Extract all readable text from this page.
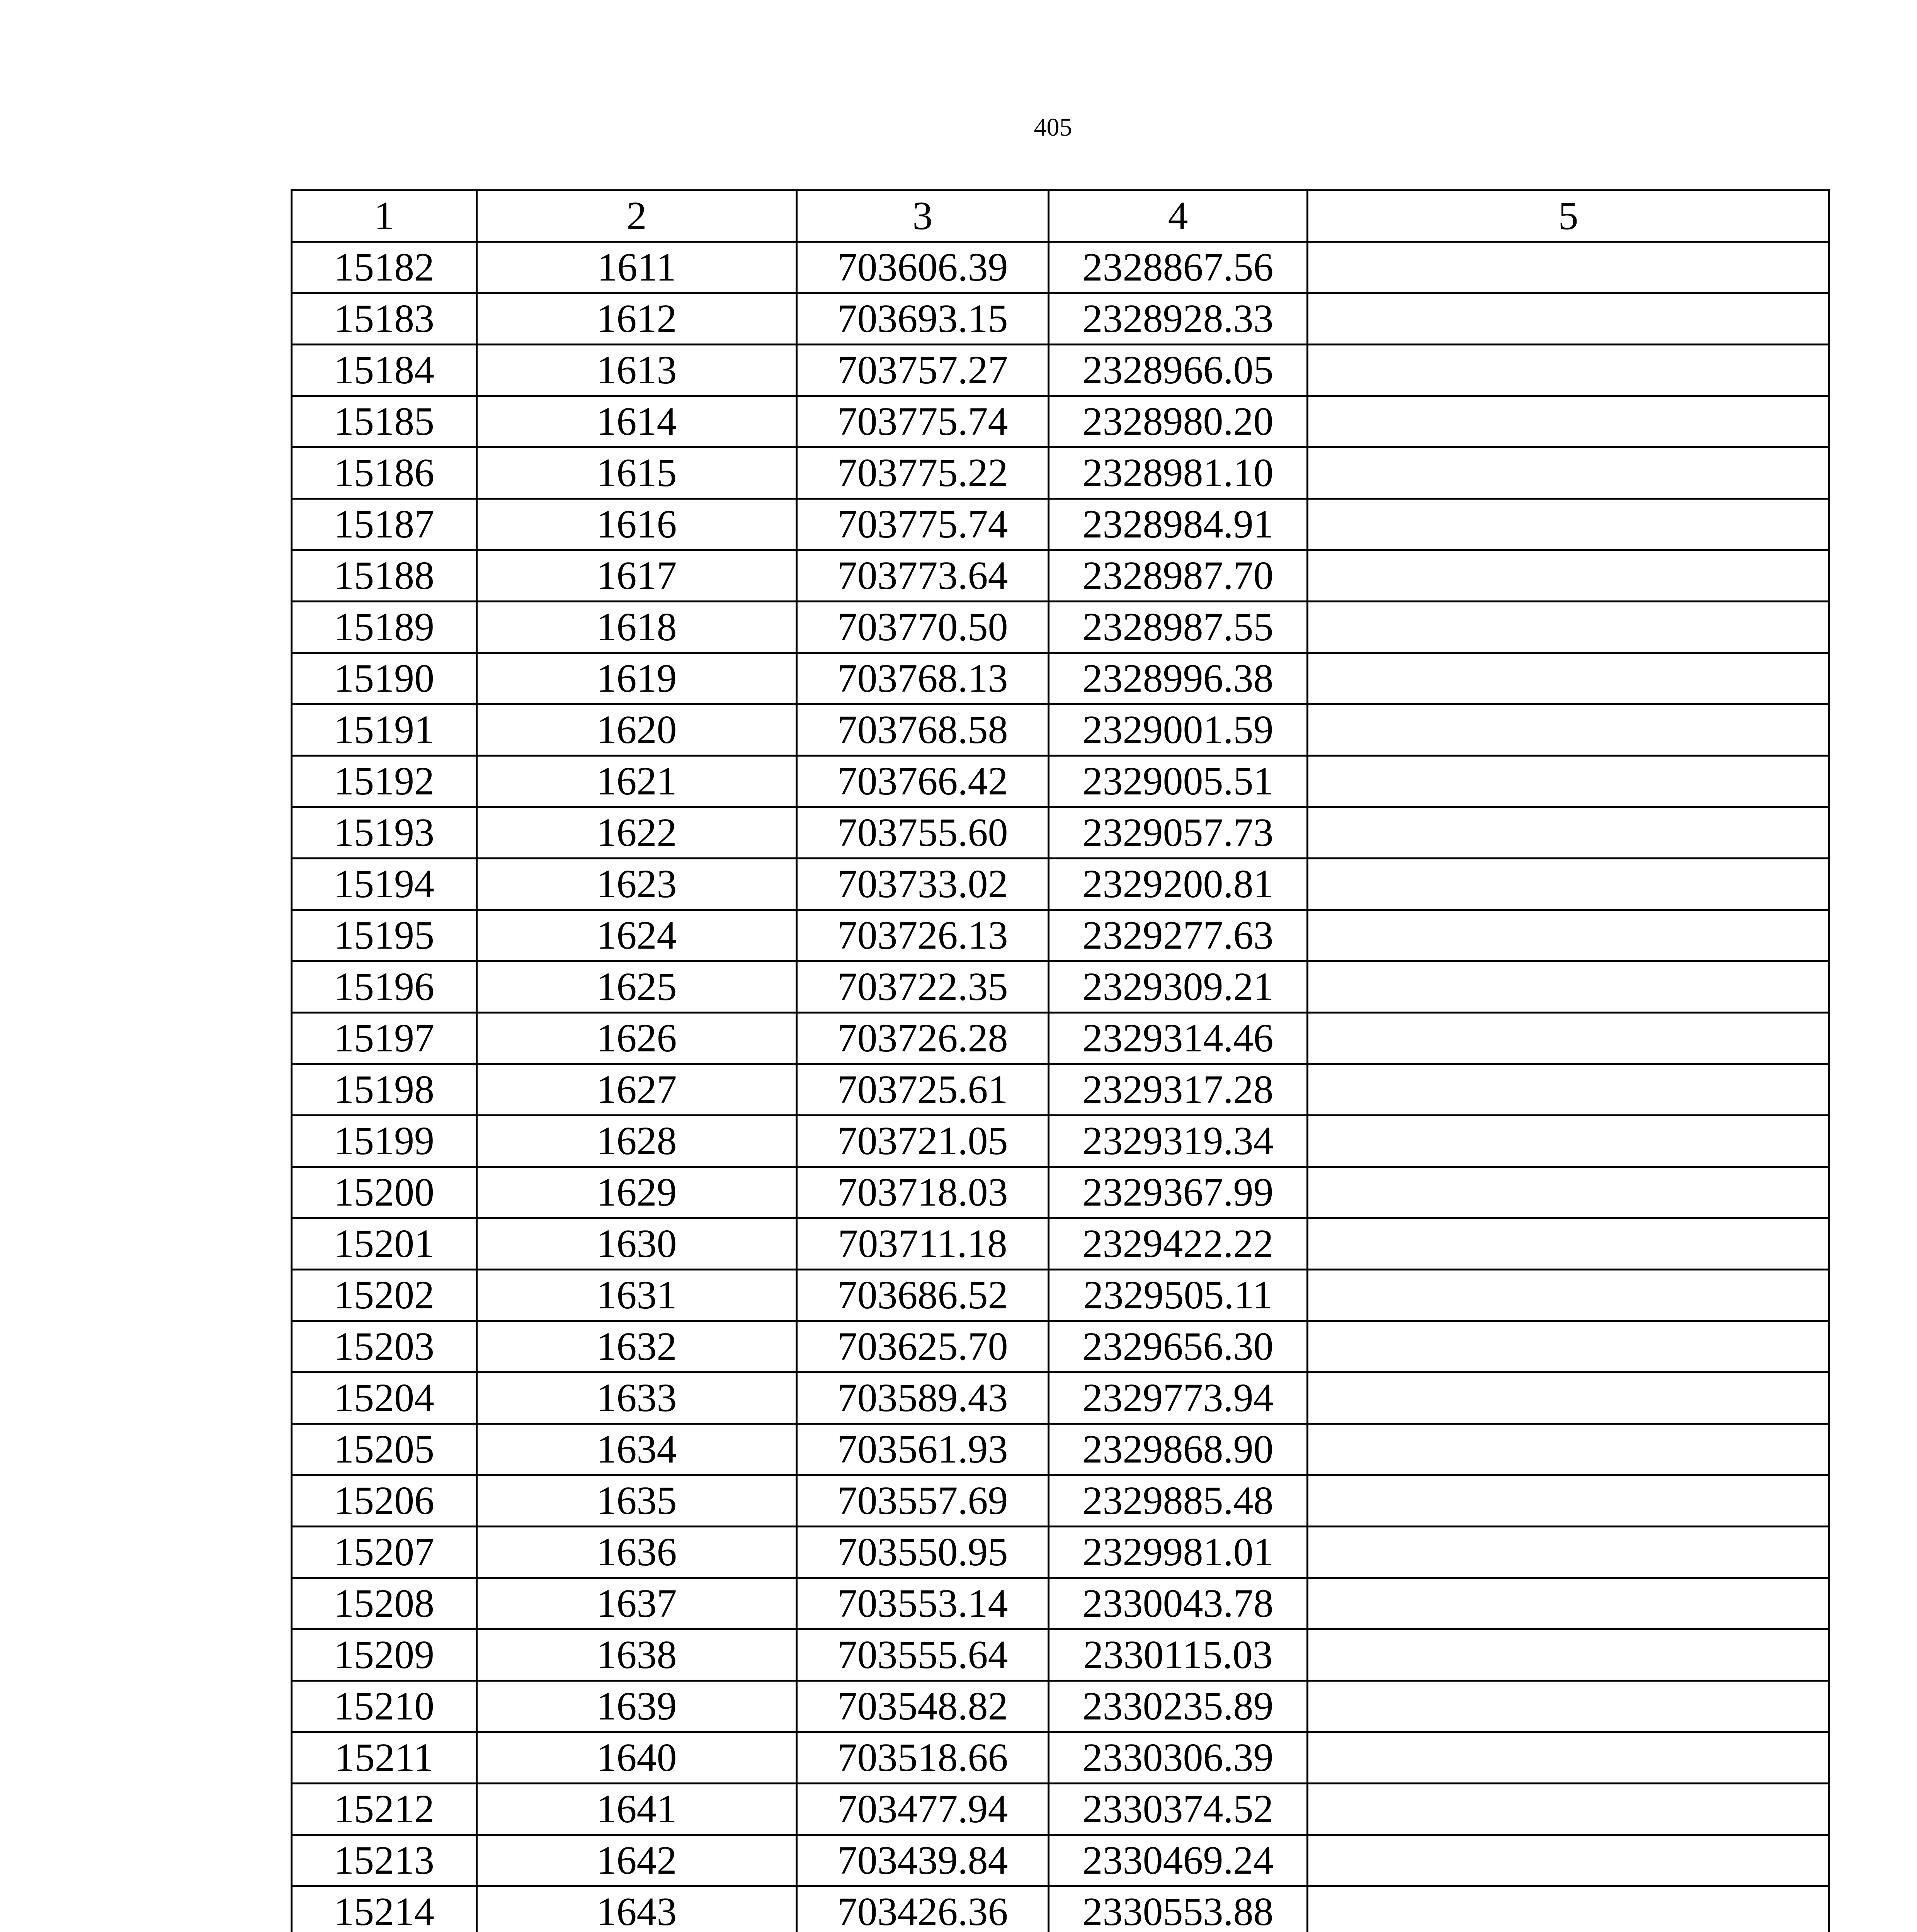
405
1	2	3	4	5
15182	1611	703606.39	2328867.56	
15183	1612	703693.15	2328928.33	
15184	1613	703757.27	2328966.05	
15185	1614	703775.74	2328980.20	
15186	1615	703775.22	2328981.10	
15187	1616	703775.74	2328984.91	
15188	1617	703773.64	2328987.70	
15189	1618	703770.50	2328987.55	
15190	1619	703768.13	2328996.38	
15191	1620	703768.58	2329001.59	
15192	1621	703766.42	2329005.51	
15193	1622	703755.60	2329057.73	
15194	1623	703733.02	2329200.81	
15195	1624	703726.13	2329277.63	
15196	1625	703722.35	2329309.21	
15197	1626	703726.28	2329314.46	
15198	1627	703725.61	2329317.28	
15199	1628	703721.05	2329319.34	
15200	1629	703718.03	2329367.99	
15201	1630	703711.18	2329422.22	
15202	1631	703686.52	2329505.11	
15203	1632	703625.70	2329656.30	
15204	1633	703589.43	2329773.94	
15205	1634	703561.93	2329868.90	
15206	1635	703557.69	2329885.48	
15207	1636	703550.95	2329981.01	
15208	1637	703553.14	2330043.78	
15209	1638	703555.64	2330115.03	
15210	1639	703548.82	2330235.89	
15211	1640	703518.66	2330306.39	
15212	1641	703477.94	2330374.52	
15213	1642	703439.84	2330469.24	
15214	1643	703426.36	2330553.88	
